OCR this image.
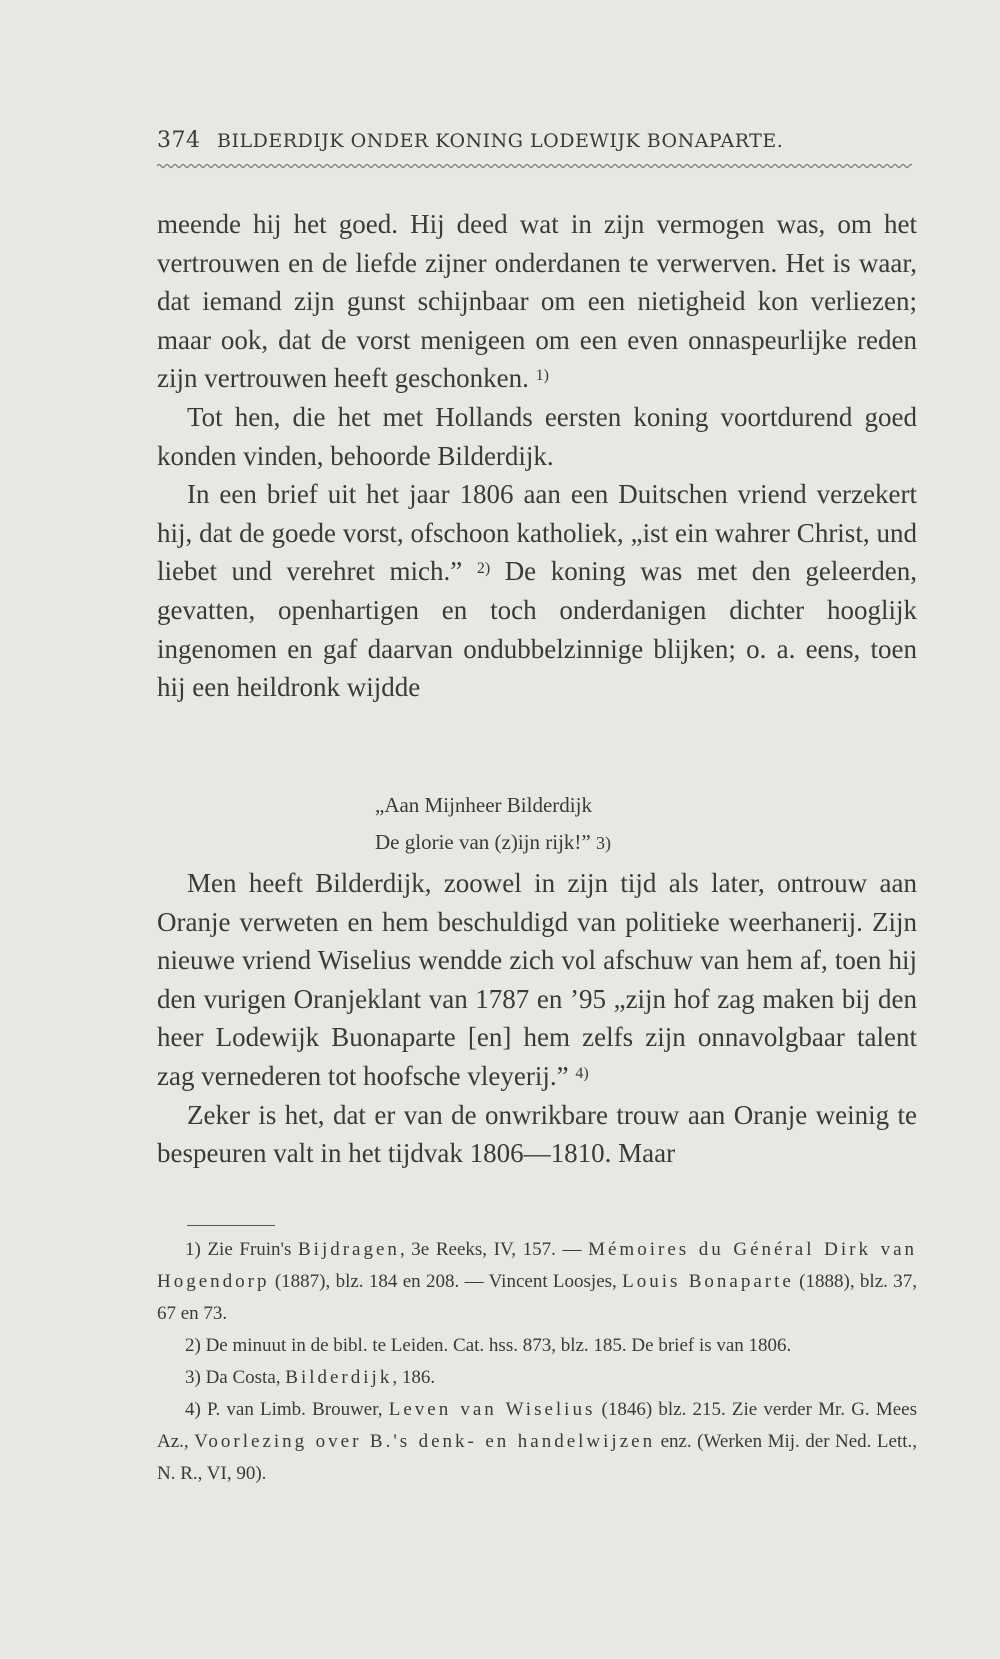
374 BILDERDIJK ONDER KONING LODEWIJK BONAPARTE.

meende hij het goed. Hij deed wat in zijn vermogen was, om het vertrouwen en de liefde zijner onderdanen te verwerven. Het is waar, dat iemand zijn gunst schijnbaar om een nietigheid kon verliezen; maar ook, dat de vorst menigeen om een even onnaspeurlijke reden zijn vertrouwen heeft geschonken. $^{1)}$

Tot hen, die het met Hollands eersten koning voortdurend goed konden vinden, behoorde Bilderdijk.

In een brief uit het jaar 1806 aan een Duitschen vriend verzekert hij, dat de goede vorst, ofschoon katholiek, „ist ein wahrer Christ, und liebet und verehret mich.” $^{2)}$ De koning was met den geleerden, gevatten, openhartigen en toch onderdanigen dichter hooglijk ingenomen en gaf daarvan ondubbelzinnige blijken; o. a. eens, toen hij een heildronk wijdde

„Aan Mijnheer Bilderdijk
De glorie van (z)ijn rijk!” 3)

Men heeft Bilderdijk, zoowel in zijn tijd als later, ontrouw aan Oranje verweten en hem beschuldigd van politieke weerhanerij. Zijn nieuwe vriend Wiselius wendde zich vol afschuw van hem af, toen hij den vurigen Oranjeklant van 1787 en ’95 „zijn hof zag maken bij den heer Lodewijk Buonaparte [en] hem zelfs zijn onnavolgbaar talent zag vernederen tot hoofsche vleyerij.” $^{4)}$

Zeker is het, dat er van de onwrikbare trouw aan Oranje weinig te bespeuren valt in het tijdvak 1806—1810. Maar

1) Zie Fruin's Bijdragen, 3e Reeks, IV, 157. — Mémoires du Général Dirk van Hogendorp (1887), blz. 184 en 208. — Vincent Loosjes, Louis Bonaparte (1888), blz. 37, 67 en 73.

2) De minuut in de bibl. te Leiden. Cat. hss. 873, blz. 185. De brief is van 1806.

3) Da Costa, Bilderdijk, 186.

4) P. van Limb. Brouwer, Leven van Wiselius (1846) blz. 215. Zie verder Mr. G. Mees Az., Voorlezing over B.'s denk- en handelwijzen enz. (Werken Mij. der Ned. Lett., N. R., VI, 90).
